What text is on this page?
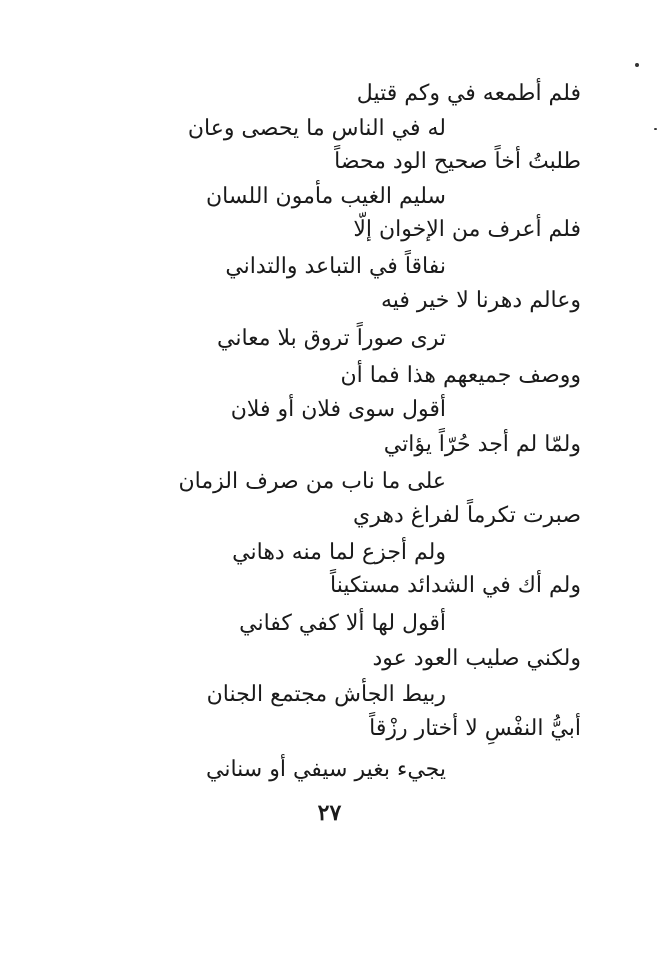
فلم أطمعه في وكم قتيل
له في الناس ما يحصى وعان
طلبتُ أخاً صحيح الود محضاً
سليم الغيب مأمون اللسان
فلم أعرف من الإخوان إلّا
نفاقاً في التباعد والتداني
وعالم دهرنا لا خير فيه
ترى صوراً تروق بلا معاني
ووصف جميعهم هذا فما أن
أقول سوى فلان أو فلان
ولمّا لم أجد حُرّاً يؤاتي
على ما ناب من صرف الزمان
صبرت تكرماً لفراغ دهري
ولم أجزع لما منه دهاني
ولم أك في الشدائد مستكيناً
أقول لها ألا كفي كفاني
ولكني صليب العود عود
ربيط الجأش مجتمع الجنان
أبيُّ النفْسِ لا أختار رزْقاً
يجيء بغير سيفي أو سناني
٢٧
